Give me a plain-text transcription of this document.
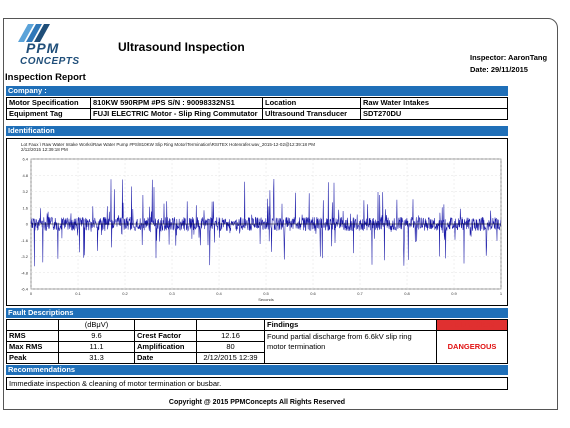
PPM
CONCEPTS
Ultrasound Inspection
Inspector: AaronTang
Date: 29/11/2015
Inspection Report
Company :
Motor Specification	810KW 590RPM #PS S/N : 90098332NS1	Location	Raw Water Intakes
Equipment Tag	FUJI ELECTRIC Motor - Slip Ring Commutator	Ultrasound Transducer	SDT270DU
Identification
Lot Faux \ Raw Water Intake Works\Raw Water Pump #PS\810KW Slip Ring Motor\Termination\RSITEX Hotenrafer.wav_2015-12-02@12:39:18 PM
2/12/2015 12:39:18 PM
6.4
4.8
3.2
1.6
0
-1.6
-3.2
-4.8
-6.4
0	0.1	0.2	0.3	0.4	0.5	0.6	0.7	0.8	0.9	1
Seconds
Fault Descriptions
	(dBμV)			Findings	Failure Class
RMS	9.6	Crest Factor	12.16	Found partial discharge from 6.6kV slip ring
motor termination	DANGEROUS
Max RMS	11.1	Amplification	80		
Peak	31.3	Date	2/12/2015 12:39		
Recommendations
Immediate inspection & cleaning of motor termination or busbar.
Copyright @ 2015 PPMConcepts All Rights Reserved
